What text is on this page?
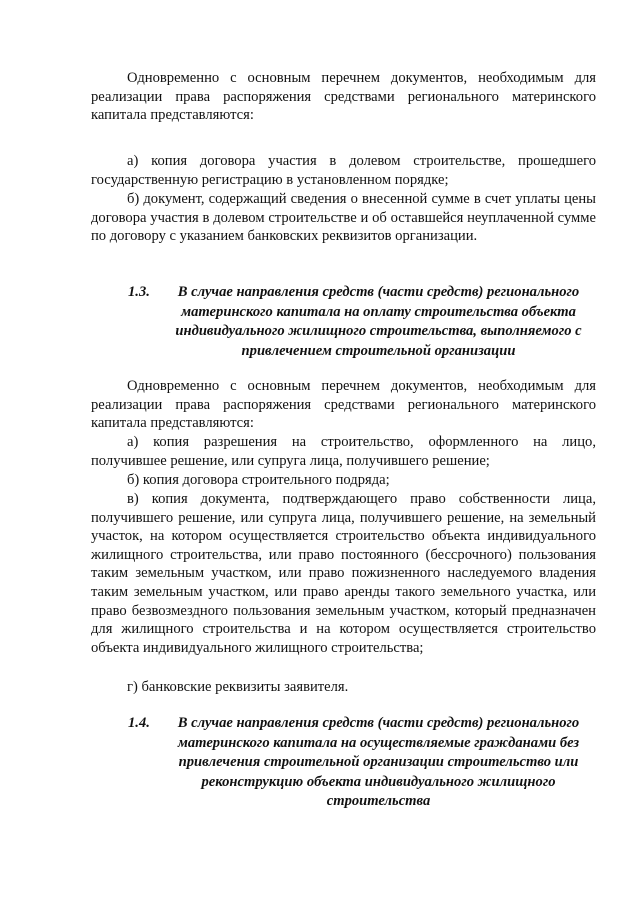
Одновременно с основным перечнем документов, необходимым для реализации права распоряжения средствами регионального материнского капитала представляются:

а) копия договора участия в долевом строительстве, прошедшего государственную регистрацию в установленном порядке;

б) документ, содержащий сведения о внесенной сумме в счет уплаты цены договора участия в долевом строительстве и об оставшейся неуплаченной сумме по договору с указанием банковских реквизитов организации.

1.3.	В случае направления средств (части средств) регионального материнского капитала на оплату строительства объекта индивидуального жилищного строительства, выполняемого с привлечением строительной организации

Одновременно с основным перечнем документов, необходимым для реализации права распоряжения средствами регионального материнского капитала представляются:

а) копия разрешения на строительство, оформленного на лицо, получившее решение, или супруга лица, получившего решение;

б) копия договора строительного подряда;

в) копия документа, подтверждающего право собственности лица, получившего решение, или супруга лица, получившего решение, на земельный участок, на котором осуществляется строительство объекта индивидуального жилищного строительства, или право постоянного (бессрочного) пользования таким земельным участком, или право пожизненного наследуемого владения таким земельным участком, или право аренды такого земельного участка, или право безвозмездного пользования земельным участком, который предназначен для жилищного строительства и на котором осуществляется строительство объекта индивидуального жилищного строительства;

г) банковские реквизиты заявителя.

1.4.	В случае направления средств (части средств) регионального материнского капитала на осуществляемые гражданами без привлечения строительной организации строительство или реконструкцию объекта индивидуального жилищного строительства
